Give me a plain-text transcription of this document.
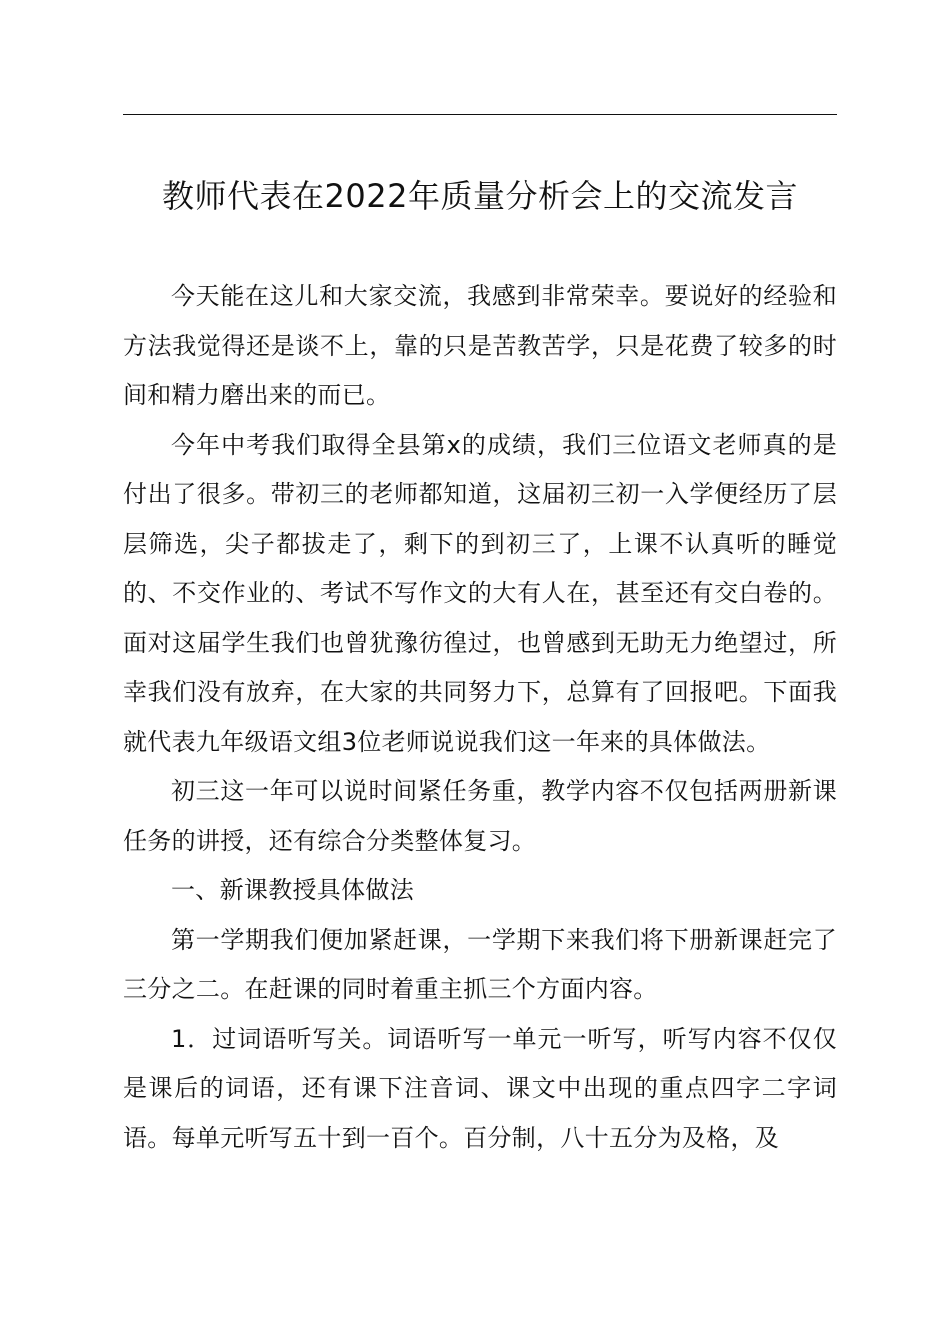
教师代表在2022年质量分析会上的交流发言

今天能在这儿和大家交流，我感到非常荣幸。要说好的经验和方法我觉得还是谈不上，靠的只是苦教苦学，只是花费了较多的时间和精力磨出来的而已。

今年中考我们取得全县第x的成绩，我们三位语文老师真的是付出了很多。带初三的老师都知道，这届初三初一入学便经历了层层筛选，尖子都拔走了，剩下的到初三了，上课不认真听的睡觉的、不交作业的、考试不写作文的大有人在，甚至还有交白卷的。面对这届学生我们也曾犹豫彷徨过，也曾感到无助无力绝望过，所幸我们没有放弃，在大家的共同努力下，总算有了回报吧。下面我就代表九年级语文组3位老师说说我们这一年来的具体做法。

初三这一年可以说时间紧任务重，教学内容不仅包括两册新课任务的讲授，还有综合分类整体复习。

一、新课教授具体做法

第一学期我们便加紧赶课，一学期下来我们将下册新课赶完了三分之二。在赶课的同时着重主抓三个方面内容。

1．过词语听写关。词语听写一单元一听写，听写内容不仅仅是课后的词语，还有课下注音词、课文中出现的重点四字二字词语。每单元听写五十到一百个。百分制，八十五分为及格，及
